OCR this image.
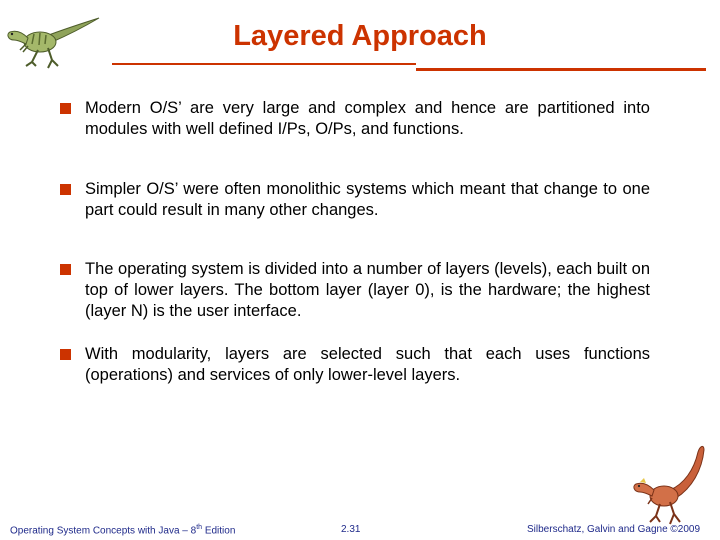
Layered Approach
Modern O/S’ are very large and complex and hence are partitioned into modules with well defined I/Ps, O/Ps, and functions.
Simpler O/S’ were often monolithic systems which meant that change to one part could result in many other changes.
The operating system is divided into a number of layers (levels), each built on top of lower layers. The bottom layer (layer 0), is the hardware; the highest (layer N) is the user interface.
With modularity, layers are selected such that each uses functions (operations) and services of only lower-level layers.
Operating System Concepts with Java – 8th Edition	2.31	Silberschatz, Galvin and Gagne ©2009
